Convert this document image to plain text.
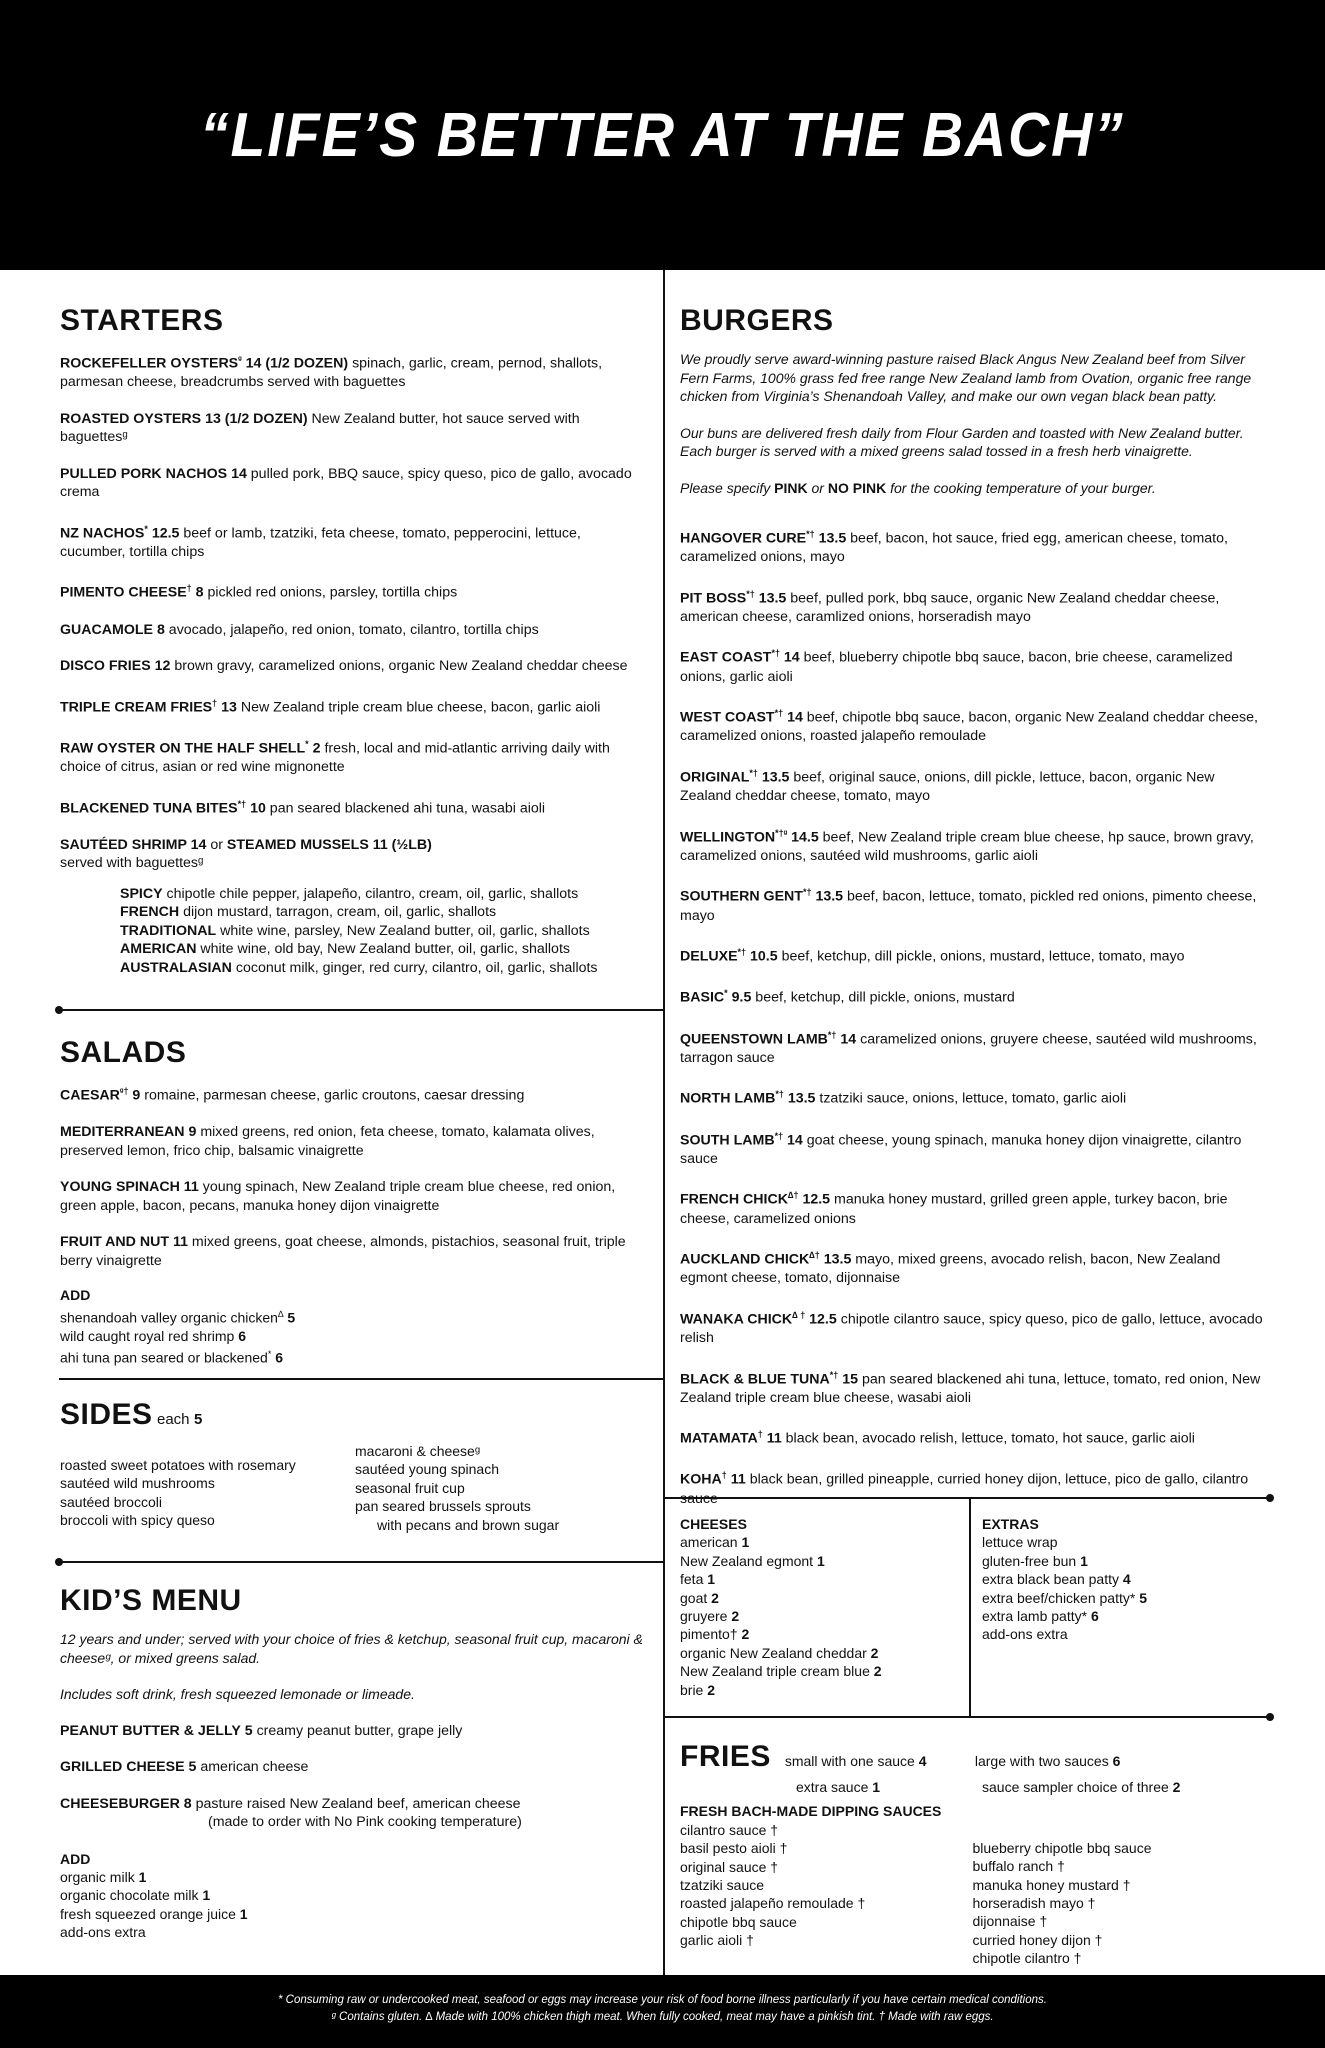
“LIFE’S BETTER AT THE BACH”
STARTERS
ROCKEFELLER $OYSTERS^ᵍ$ 14 (1/2 DOZEN) spinach, garlic, cream, pernod, shallots, parmesan cheese, breadcrumbs served with baguettes
ROASTED OYSTERS 13 (1/2 DOZEN) New Zealand butter, hot sauce served with baguettesᵍ
PULLED PORK NACHOS 14 pulled pork, BBQ sauce, spicy queso, pico de gallo, avocado crema
NZ NACHOS* 12.5 beef or lamb, tzatziki, feta cheese, tomato, pepperocini, lettuce, cucumber, tortilla chips
PIMENTO CHEESE† 8 pickled red onions, parsley, tortilla chips
GUACAMOLE 8 avocado, jalapeño, red onion, tomato, cilantro, tortilla chips
DISCO FRIES 12 brown gravy, caramelized onions, organic New Zealand cheddar cheese
TRIPLE CREAM FRIES† 13 New Zealand triple cream blue cheese, bacon, garlic aioli
RAW OYSTER ON THE HALF SHELL* 2 fresh, local and mid-atlantic arriving daily with choice of citrus, asian or red wine mignonette
BLACKENED TUNA BITES*† 10 pan seared blackened ahi tuna, wasabi aioli
SAUTÉED SHRIMP 14 or STEAMED MUSSELS 11 (½LB)
served with baguettesᵍ
SPICY chipotle chile pepper, jalapeño, cilantro, cream, oil, garlic, shallots
FRENCH dijon mustard, tarragon, cream, oil, garlic, shallots
TRADITIONAL white wine, parsley, New Zealand butter, oil, garlic, shallots
AMERICAN white wine, old bay, New Zealand butter, oil, garlic, shallots
AUSTRALASIAN coconut milk, ginger, red curry, cilantro, oil, garlic, shallots
SALADS
$CAESAR^{ᵍ\dagger}$ 9 romaine, parmesan cheese, garlic croutons, caesar dressing
MEDITERRANEAN 9 mixed greens, red onion, feta cheese, tomato, kalamata olives, preserved lemon, frico chip, balsamic vinaigrette
YOUNG SPINACH 11 young spinach, New Zealand triple cream blue cheese, red onion, green apple, bacon, pecans, manuka honey dijon vinaigrette
FRUIT AND NUT 11 mixed greens, goat cheese, almonds, pistachios, seasonal fruit, triple berry vinaigrette
ADD
shenandoah valley organic chicken∆ 5
wild caught royal red shrimp 6
ahi tuna pan seared or blackened* 6
SIDES each 5
roasted sweet potatoes with rosemary
sautéed wild mushrooms
sautéed broccoli
broccoli with spicy queso
macaroni & cheeseᵍ
sautéed young spinach
seasonal fruit cup
pan seared brussels sprouts
with pecans and brown sugar
KID’S MENU
12 years and under; served with your choice of fries & ketchup, seasonal fruit cup, macaroni & cheeseᵍ, or mixed greens salad.
Includes soft drink, fresh squeezed lemonade or limeade.
PEANUT BUTTER & JELLY 5 creamy peanut butter, grape jelly
GRILLED CHEESE 5 american cheese
CHEESEBURGER 8 pasture raised New Zealand beef, american cheese
(made to order with No Pink cooking temperature)
ADD
organic milk 1
organic chocolate milk 1
fresh squeezed orange juice 1
add-ons extra
BURGERS
We proudly serve award-winning pasture raised Black Angus New Zealand beef from Silver Fern Farms, 100% grass fed free range New Zealand lamb from Ovation, organic free range chicken from Virginia’s Shenandoah Valley, and make our own vegan black bean patty.
Our buns are delivered fresh daily from Flour Garden and toasted with New Zealand butter. Each burger is served with a mixed greens salad tossed in a fresh herb vinaigrette.
Please specify PINK or NO PINK for the cooking temperature of your burger.
HANGOVER CURE*† 13.5 beef, bacon, hot sauce, fried egg, american cheese, tomato, caramelized onions, mayo
PIT BOSS*† 13.5 beef, pulled pork, bbq sauce, organic New Zealand cheddar cheese, american cheese, caramlized onions, horseradish mayo
EAST COAST*† 14 beef, blueberry chipotle bbq sauce, bacon, brie cheese, caramelized onions, garlic aioli
WEST COAST*† 14 beef, chipotle bbq sauce, bacon, organic New Zealand cheddar cheese, caramelized onions, roasted jalapeño remoulade
ORIGINAL*† 13.5 beef, original sauce, onions, dill pickle, lettuce, bacon, organic New Zealand cheddar cheese, tomato, mayo
$WELLINGTON^{*\dagger ᵍ}$ 14.5 beef, New Zealand triple cream blue cheese, hp sauce, brown gravy, caramelized onions, sautéed wild mushrooms, garlic aioli
SOUTHERN GENT*† 13.5 beef, bacon, lettuce, tomato, pickled red onions, pimento cheese, mayo
DELUXE*† 10.5 beef, ketchup, dill pickle, onions, mustard, lettuce, tomato, mayo
BASIC* 9.5 beef, ketchup, dill pickle, onions, mustard
QUEENSTOWN LAMB*† 14 caramelized onions, gruyere cheese, sautéed wild mushrooms, tarragon sauce
NORTH LAMB*† 13.5 tzatziki sauce, onions, lettuce, tomato, garlic aioli
SOUTH LAMB*† 14 goat cheese, young spinach, manuka honey dijon vinaigrette, cilantro sauce
FRENCH CHICK∆† 12.5 manuka honey mustard, grilled green apple, turkey bacon, brie cheese, caramelized onions
AUCKLAND CHICK∆† 13.5 mayo, mixed greens, avocado relish, bacon, New Zealand egmont cheese, tomato, dijonnaise
WANAKA CHICK∆ † 12.5 chipotle cilantro sauce, spicy queso, pico de gallo, lettuce, avocado relish
BLACK & BLUE TUNA*† 15 pan seared blackened ahi tuna, lettuce, tomato, red onion, New Zealand triple cream blue cheese, wasabi aioli
MATAMATA† 11 black bean, avocado relish, lettuce, tomato, hot sauce, garlic aioli
KOHA† 11 black bean, grilled pineapple, curried honey dijon, lettuce, pico de gallo, cilantro sauce
CHEESES
american 1
New Zealand egmont 1
feta 1
goat 2
gruyere 2
pimento† 2
organic New Zealand cheddar 2
New Zealand triple cream blue 2
brie 2
EXTRAS
lettuce wrap
gluten-free bun 1
extra black bean patty 4
extra beef/chicken patty* 5
extra lamb patty* 6
add-ons extra
FRIES small with one sauce 4	large with two sauces 6
extra sauce 1	sauce sampler choice of three 2
FRESH BACH-MADE DIPPING SAUCES
cilantro sauce †
basil pesto aioli †
original sauce †
tzatziki sauce
roasted jalapeño remoulade †
chipotle bbq sauce
garlic aioli †
blueberry chipotle bbq sauce
buffalo ranch †
manuka honey mustard †
horseradish mayo †
dijonnaise †
curried honey dijon †
chipotle cilantro †
* Consuming raw or undercooked meat, seafood or eggs may increase your risk of food borne illness particularly if you have certain medical conditions.
ᵍ Contains gluten. ∆ Made with 100% chicken thigh meat. When fully cooked, meat may have a pinkish tint. † Made with raw eggs.
